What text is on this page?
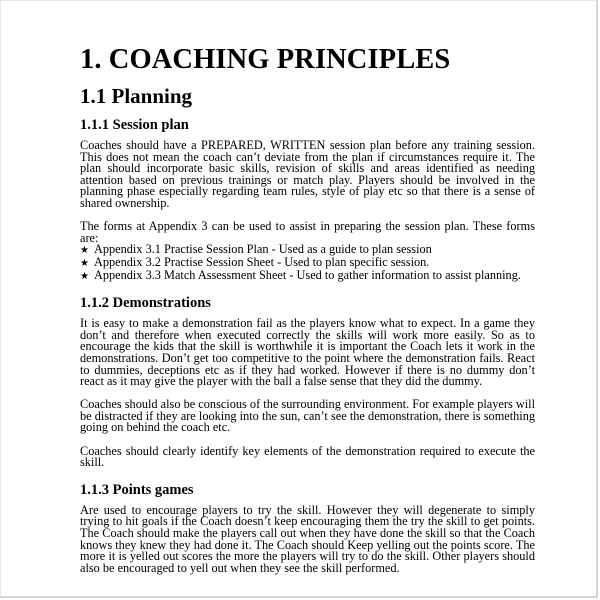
1. COACHING PRINCIPLES
1.1 Planning
1.1.1 Session plan

Coaches should have a PREPARED, WRITTEN session plan before any training session. This does not mean the coach can’t deviate from the plan if circumstances require it. The plan should incorporate basic skills, revision of skills and areas identified as needing attention based on previous trainings or match play. Players should be involved in the planning phase especially regarding team rules, style of play etc so that there is a sense of shared ownership.

The forms at Appendix 3 can be used to assist in preparing the session plan. These forms are:

★ Appendix 3.1 Practise Session Plan - Used as a guide to plan session
★ Appendix 3.2 Practise Session Sheet - Used to plan specific session.
★ Appendix 3.3 Match Assessment Sheet - Used to gather information to assist planning.
1.1.2 Demonstrations

It is easy to make a demonstration fail as the players know what to expect. In a game they don’t and therefore when executed correctly the skills will work more easily. So as to encourage the kids that the skill is worthwhile it is important the Coach lets it work in the demonstrations. Don’t get too competitive to the point where the demonstration fails. React to dummies, deceptions etc as if they had worked. However if there is no dummy don’t react as it may give the player with the ball a false sense that they did the dummy.

Coaches should also be conscious of the surrounding environment. For example players will be distracted if they are looking into the sun, can’t see the demonstration, there is something going on behind the coach etc.

Coaches should clearly identify key elements of the demonstration required to execute the skill.

1.1.3 Points games

Are used to encourage players to try the skill. However they will degenerate to simply trying to hit goals if the Coach doesn’t keep encouraging them the try the skill to get points. The Coach should make the players call out when they have done the skill so that the Coach knows they knew they had done it. The Coach should Keep yelling out the points score. The more it is yelled out scores the more the players will try to do the skill. Other players should also be encouraged to yell out when they see the skill performed.
